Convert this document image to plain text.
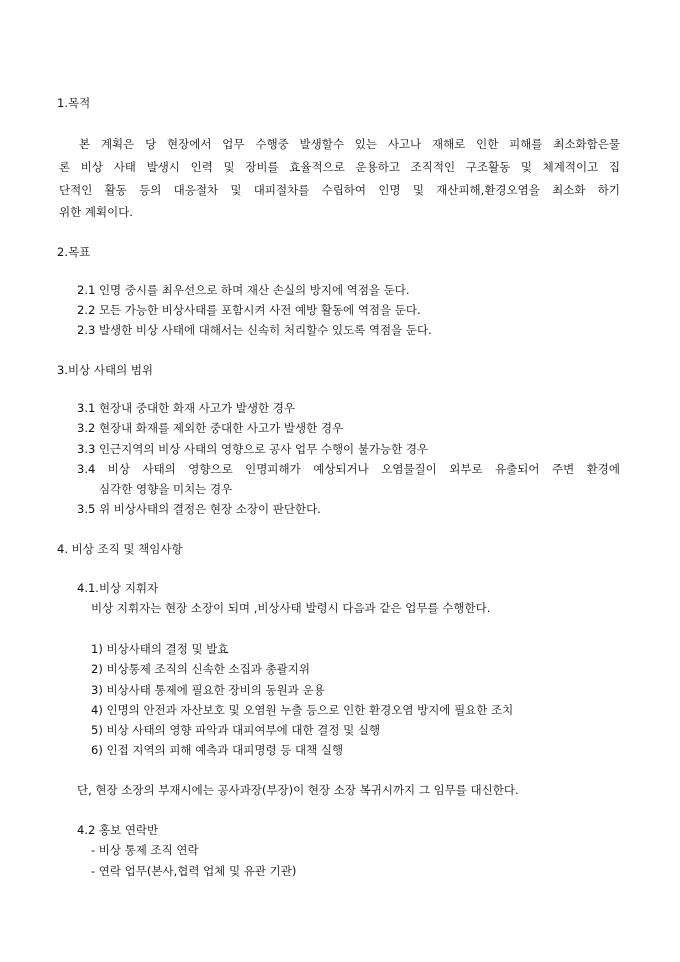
1.목적
본 계획은 당 현장에서 업무 수행중 발생할수 있는 사고나 재해로 인한 피해를 최소화함은물
론 비상 사태 발생시 인력 및 장비를 효율적으로 운용하고 조직적인 구조활동 및 체계적이고 집
단적인 활동 등의 대응절차 및 대피절차를 수립하여 인명 및 재산피해,환경오염을 최소화 하기
위한 계획이다.
2.목표
2.1 인명 중시를 최우선으로 하며 재산 손실의 방지에 역점을 둔다.
2.2 모든 가능한 비상사태를 포함시켜 사전 예방 활동에 역점을 둔다.
2.3 발생한 비상 사태에 대해서는 신속히 처리할수 있도록 역점을 둔다.
3.비상 사태의 범위
3.1 현장내 중대한 화재 사고가 발생한 경우
3.2 현장내 화재를 제외한 중대한 사고가 발생한 경우
3.3 인근지역의 비상 사태의 영향으로 공사 업무 수행이 불가능한 경우
3.4 비상 사태의 영향으로 인명피해가 예상되거나 오염물질이 외부로 유출되어 주변 환경에
심각한 영향을 미치는 경우
3.5 위 비상사태의 결정은 현장 소장이 판단한다.
4. 비상 조직 및 책임사항
4.1.비상 지휘자
비상 지휘자는 현장 소장이 되며 ,비상사태 발령시 다음과 같은 업무를 수행한다.
1) 비상사태의 결정 및 발효
2) 비상통제 조직의 신속한 소집과 총괄지위
3) 비상사태 통제에 필요한 장비의 동원과 운용
4) 인명의 안전과 자산보호 및 오염원 누출 등으로 인한 환경오염 방지에 필요한 조치
5) 비상 사태의 영향 파악과 대피여부에 대한 결정 및 실행
6) 인접 지역의 피해 예측과 대피명령 등 대책 실행
단, 현장 소장의 부재시에는 공사과장(부장)이 현장 소장 복귀시까지 그 임무를 대신한다.
4.2 홍보 연락반
- 비상 통제 조직 연락
- 연락 업무(본사,협력 업체 및 유관 기관)
